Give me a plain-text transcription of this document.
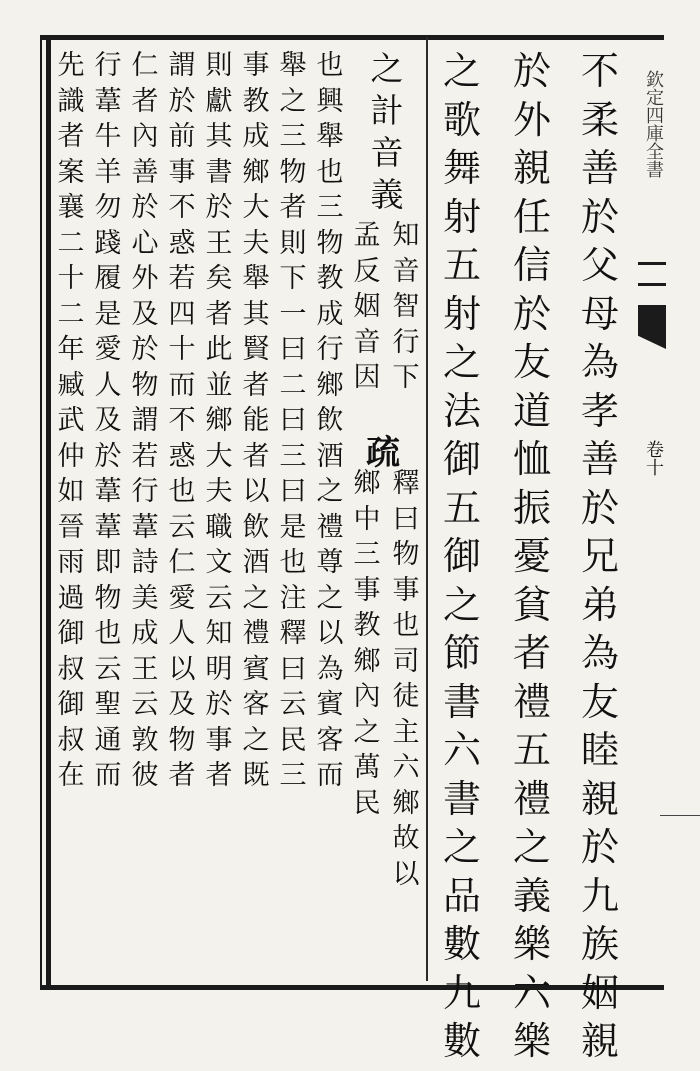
欽定四庫全書
卷十
不
柔
善
於
父
母
為
孝
善
於
兄
弟
為
友
睦
親
於
九
族
姻
親
於
外
親
任
信
於
友
道
恤
振
憂
貧
者
禮
五
禮
之
義
樂
六
樂
之
歌
舞
射
五
射
之
法
御
五
御
之
節
書
六
書
之
品
數
九
數
之
計
音
義
知
音
智
行
下
孟
反
姻
音
因
疏
釋
曰
物
事
也
司
徒
主
六
鄉
故
以
鄉
中
三
事
教
鄉
內
之
萬
民
也
興
舉
也
三
物
教
成
行
鄉
飲
酒
之
禮
尊
之
以
為
賓
客
而
舉
之
三
物
者
則
下
一
曰
二
曰
三
曰
是
也
注
釋
曰
云
民
三
事
教
成
鄉
大
夫
舉
其
賢
者
能
者
以
飲
酒
之
禮
賓
客
之
既
則
獻
其
書
於
王
矣
者
此
並
鄉
大
夫
職
文
云
知
明
於
事
者
謂
於
前
事
不
惑
若
四
十
而
不
惑
也
云
仁
愛
人
以
及
物
者
仁
者
內
善
於
心
外
及
於
物
謂
若
行
葦
詩
美
成
王
云
敦
彼
行
葦
牛
羊
勿
踐
履
是
愛
人
及
於
葦
葦
即
物
也
云
聖
通
而
先
識
者
案
襄
二
十
二
年
臧
武
仲
如
晉
雨
過
御
叔
御
叔
在
